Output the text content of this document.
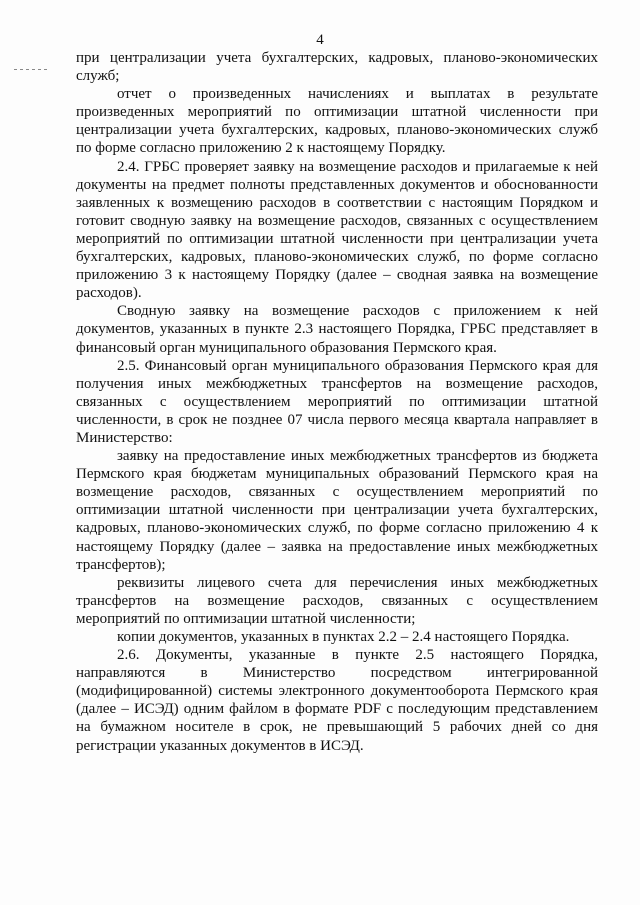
4

при централизации учета бухгалтерских, кадровых, планово-экономических служб;

отчет о произведенных начислениях и выплатах в результате произведенных мероприятий по оптимизации штатной численности при централизации учета бухгалтерских, кадровых, планово-экономических служб по форме согласно приложению 2 к настоящему Порядку.

2.4. ГРБС проверяет заявку на возмещение расходов и прилагаемые к ней документы на предмет полноты представленных документов и обоснованности заявленных к возмещению расходов в соответствии с настоящим Порядком и готовит сводную заявку на возмещение расходов, связанных с осуществлением мероприятий по оптимизации штатной численности при централизации учета бухгалтерских, кадровых, планово-экономических служб, по форме согласно приложению 3 к настоящему Порядку (далее – сводная заявка на возмещение расходов).

Сводную заявку на возмещение расходов с приложением к ней документов, указанных в пункте 2.3 настоящего Порядка, ГРБС представляет в финансовый орган муниципального образования Пермского края.

2.5. Финансовый орган муниципального образования Пермского края для получения иных межбюджетных трансфертов на возмещение расходов, связанных с осуществлением мероприятий по оптимизации штатной численности, в срок не позднее 07 числа первого месяца квартала направляет в Министерство:

заявку на предоставление иных межбюджетных трансфертов из бюджета Пермского края бюджетам муниципальных образований Пермского края на возмещение расходов, связанных с осуществлением мероприятий по оптимизации штатной численности при централизации учета бухгалтерских, кадровых, планово-экономических служб, по форме согласно приложению 4 к настоящему Порядку (далее – заявка на предоставление иных межбюджетных трансфертов);

реквизиты лицевого счета для перечисления иных межбюджетных трансфертов на возмещение расходов, связанных с осуществлением мероприятий по оптимизации штатной численности;

копии документов, указанных в пунктах 2.2 – 2.4 настоящего Порядка.

2.6. Документы, указанные в пункте 2.5 настоящего Порядка, направляются в Министерство посредством интегрированной (модифицированной) системы электронного документооборота Пермского края (далее – ИСЭД) одним файлом в формате PDF с последующим представлением на бумажном носителе в срок, не превышающий 5 рабочих дней со дня регистрации указанных документов в ИСЭД.
